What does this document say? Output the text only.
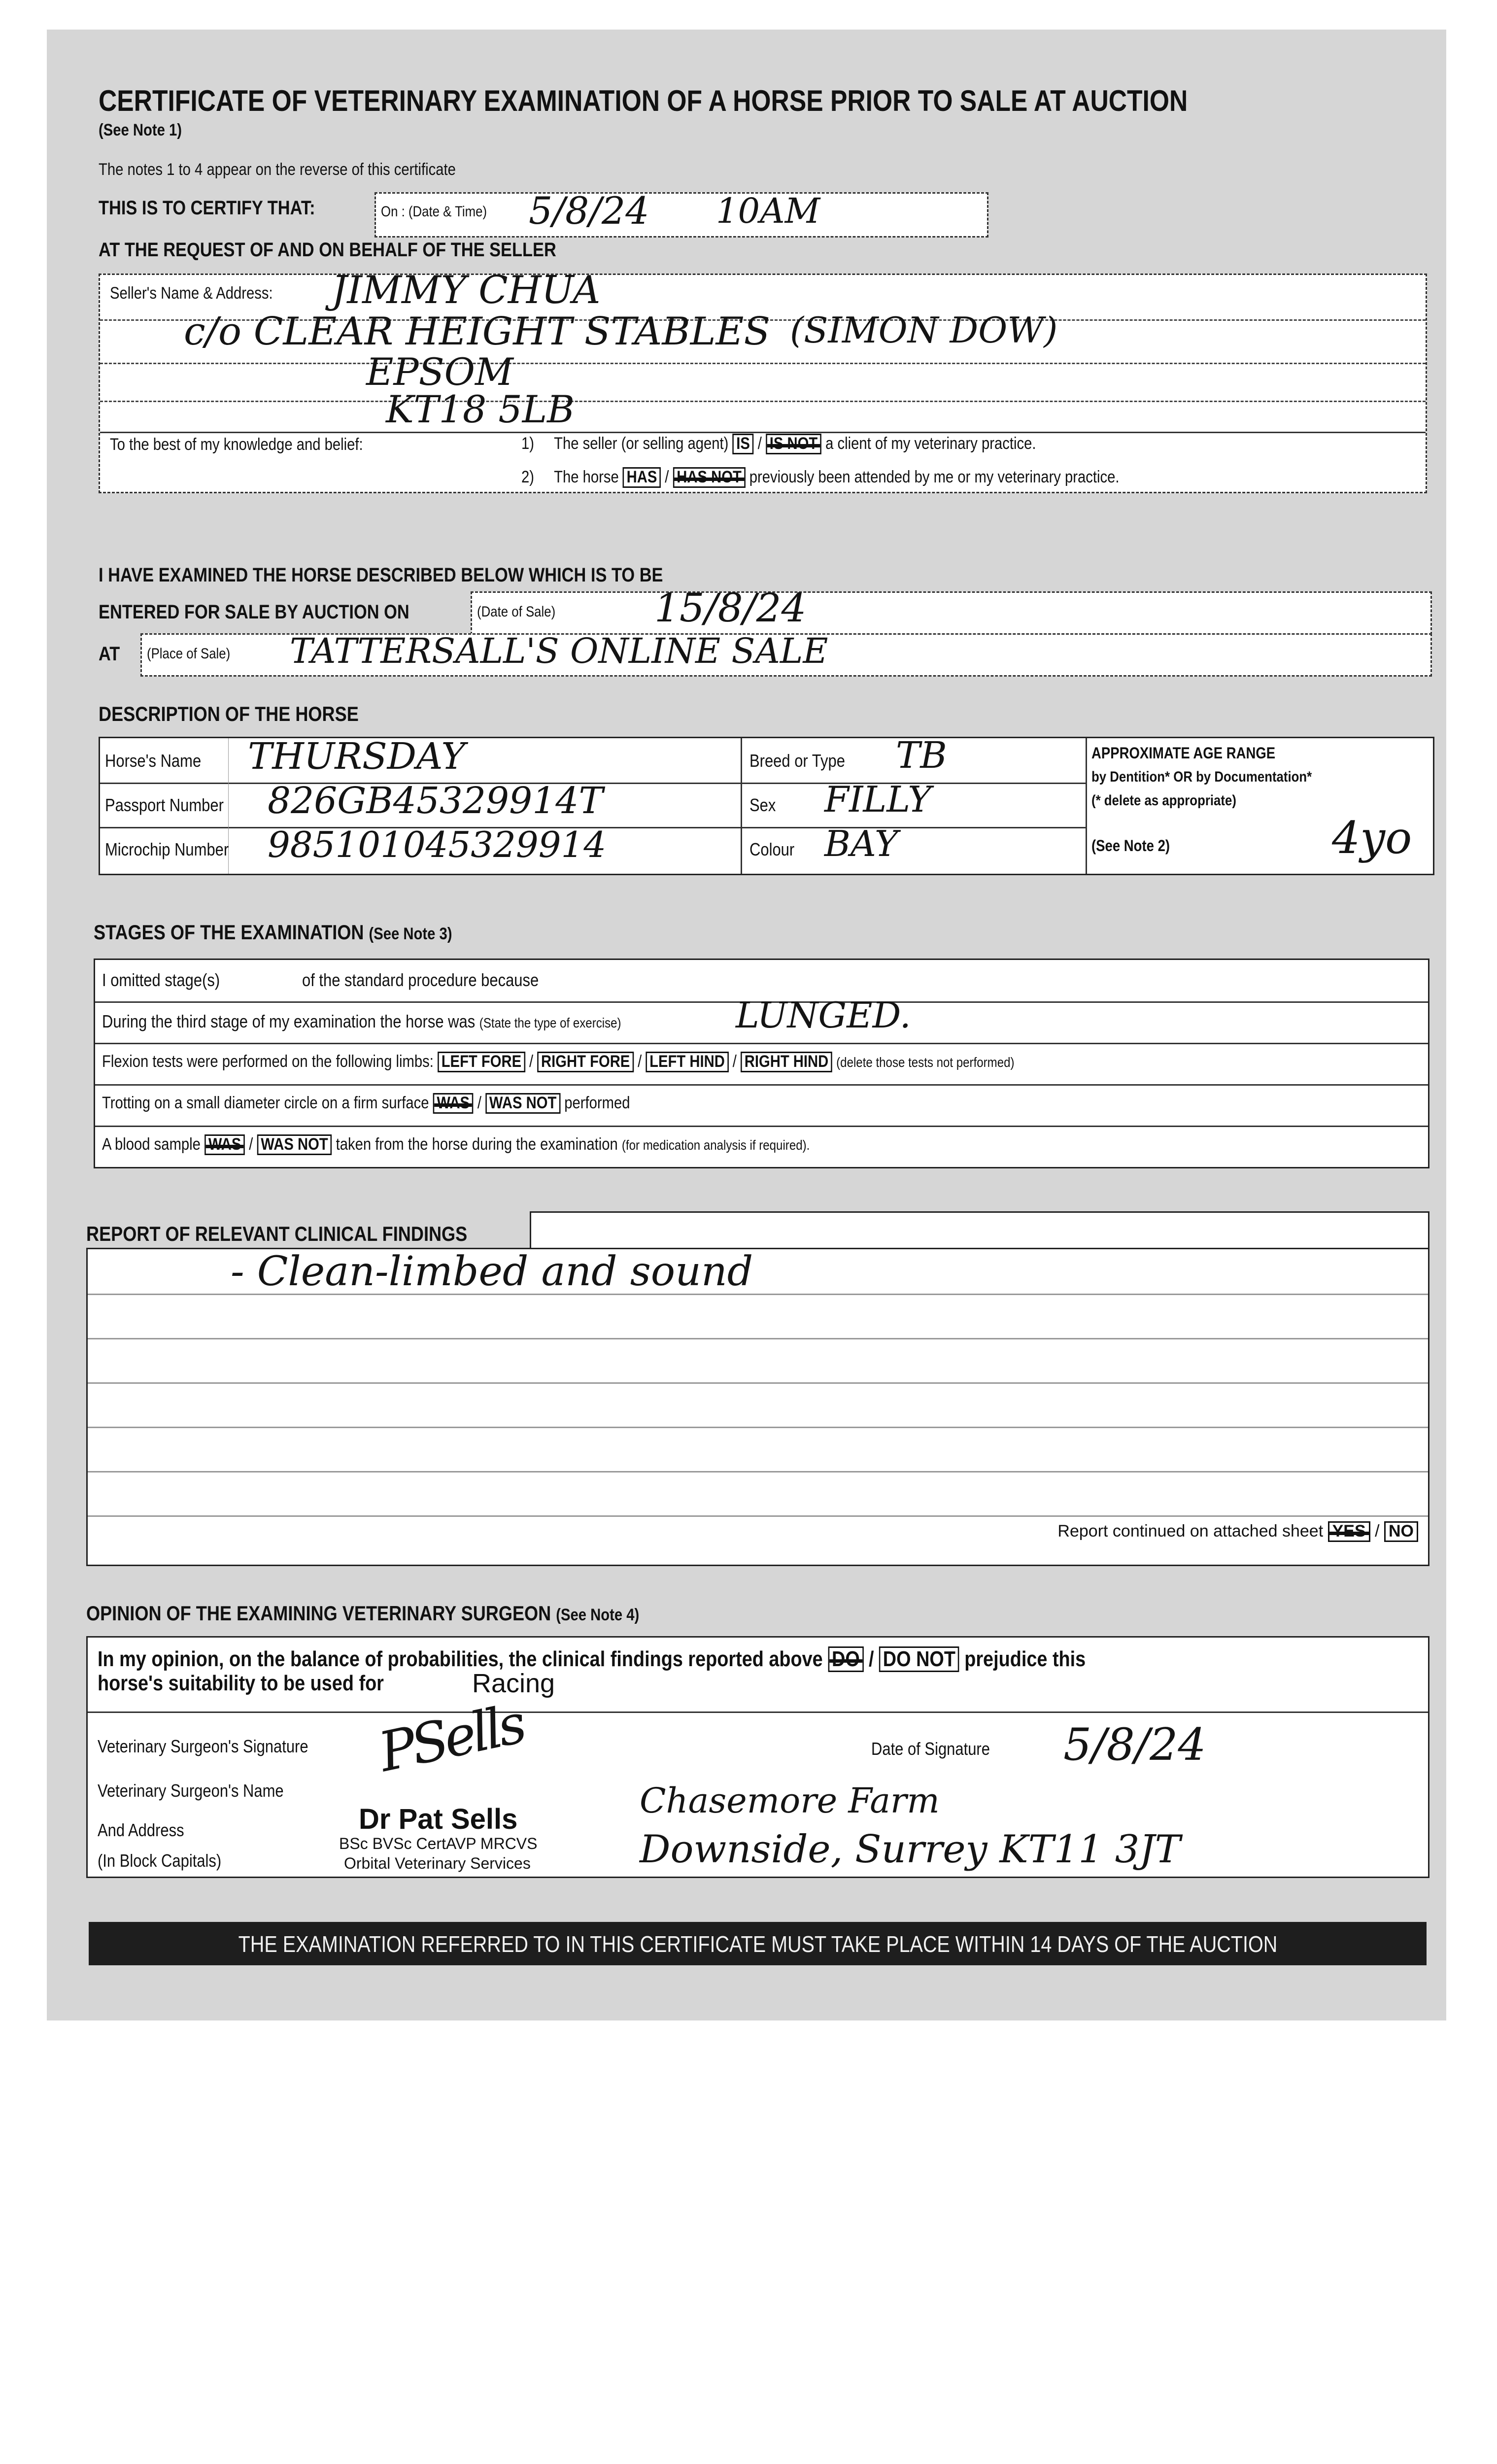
CERTIFICATE OF VETERINARY EXAMINATION OF A HORSE PRIOR TO SALE AT AUCTION
(See Note 1)
The notes 1 to 4 appear on the reverse of this certificate
THIS IS TO CERTIFY THAT:	On : (Date & Time)	5/8/24 10AM
AT THE REQUEST OF AND ON BEHALF OF THE SELLER
Seller's Name & Address:	JIMMY CHUA
c/o CLEAR HEIGHT STABLES (SIMON DOW)
EPSOM
KT18 5LB
To the best of my knowledge and belief:	1) The seller (or selling agent) IS / IS NOT a client of my veterinary practice.
2) The horse HAS / HAS NOT previously been attended by me or my veterinary practice.
I HAVE EXAMINED THE HORSE DESCRIBED BELOW WHICH IS TO BE
ENTERED FOR SALE BY AUCTION ON	(Date of Sale)	15/8/24
AT (Place of Sale)	TATTERSALL'S ONLINE SALE
DESCRIPTION OF THE HORSE
Horse's Name	THURSDAY
Passport Number	826GB45329914T
Microchip Number	985101045329914
Breed or Type	TB
Sex FILLY
Colour BAY
APPROXIMATE AGE RANGE
by Dentition* OR by Documentation*
(* delete as appropriate)
(See Note 2)	4yo
STAGES OF THE EXAMINATION (See Note 3)
I omitted stage(s)	of the standard procedure because
During the third stage of my examination the horse was (State the type of exercise)	LUNGED.
Flexion tests were performed on the following limbs: LEFT FORE / RIGHT FORE / LEFT HIND / RIGHT HIND (delete those tests not performed)
Trotting on a small diameter circle on a firm surface WAS / WAS NOT performed
A blood sample WAS / WAS NOT taken from the horse during the examination (for medication analysis if required).
REPORT OF RELEVANT CLINICAL FINDINGS
- Clean-limbed and sound
Report continued on attached sheet YES / NO
OPINION OF THE EXAMINING VETERINARY SURGEON (See Note 4)
In my opinion, on the balance of probabilities, the clinical findings reported above DO / DO NOT prejudice this
horse's suitability to be used for	Racing
Veterinary Surgeon's Signature	PSells	Date of Signature	5/8/24
Veterinary Surgeon's Name
And Address
(In Block Capitals)
Dr Pat Sells
BSc BVSc CertAVP MRCVS
Orbital Veterinary Services
Chasemore Farm
Downside, Surrey KT11 3JT
THE EXAMINATION REFERRED TO IN THIS CERTIFICATE MUST TAKE PLACE WITHIN 14 DAYS OF THE AUCTION
